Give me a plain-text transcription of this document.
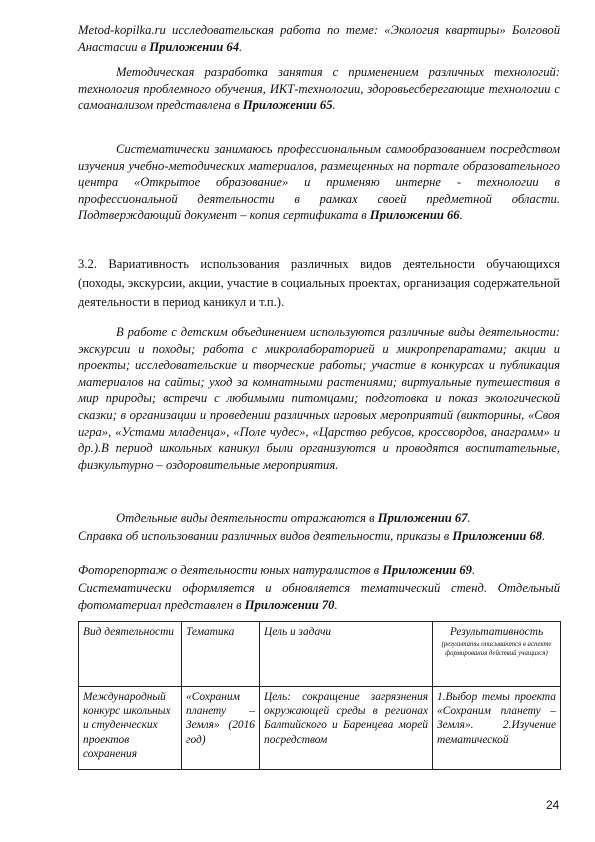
Metod-kopilka.ru исследовательская работа по теме: «Экология квартиры» Болговой Анастасии в Приложении 64.

Методическая разработка занятия с применением различных технологий: технология проблемного обучения, ИКТ-технологии, здоровьесберегающие технологии с самоанализом представлена в Приложении 65.

Систематически занимаюсь профессиональным самообразованием посредством изучения учебно-методических материалов, размещенных на портале образовательного центра «Открытое образование» и применяю интерне - технологии в профессиональной деятельности в рамках своей предметной области. Подтверждающий документ – копия сертификата в Приложении 66.

3.2. Вариативность использования различных видов деятельности обучающихся (походы, экскурсии, акции, участие в социальных проектах, организация содержательной деятельности в период каникул и т.п.).

В работе с детским объединением используются различные виды деятельности: экскурсии и походы; работа с микролабораторией и микропрепаратами; акции и проекты; исследовательские и творческие работы; участие в конкурсах и публикация материалов на сайты; уход за комнатными растениями; виртуальные путешествия в мир природы; встречи с любимыми питомцами; подготовка и показ экологической сказки; в организации и проведении различных игровых мероприятий (викторины, «Своя игра», «Устами младенца», «Поле чудес», «Царство ребусов, кроссвордов, анаграмм» и др.).В период школьных каникул были организуются и проводятся воспитательные, физкультурно – оздоровительные мероприятия.

Отдельные виды деятельности отражаются в Приложении 67.

Справка об использовании различных видов деятельности, приказы в Приложении 68.

Фоторепортаж о деятельности юных натуралистов в Приложении 69.

Систематически оформляется и обновляется тематический стенд. Отдельный фотоматериал представлен в Приложении 70.

Вид деятельности	Тематика	Цель и задачи	Результативность
(результаты описываются в аспекте формирования действий учащихся)

Международный конкурс школьных и студенческих проектов сохранения	«Сохраним планету – Земля» (2016 год)	Цель: сокращение загрязнения окружающей среды в регионах Балтийского и Баренцева морей посредством	1.Выбор темы проекта «Сохраним планету – Земля». 2.Изучение тематической
24
